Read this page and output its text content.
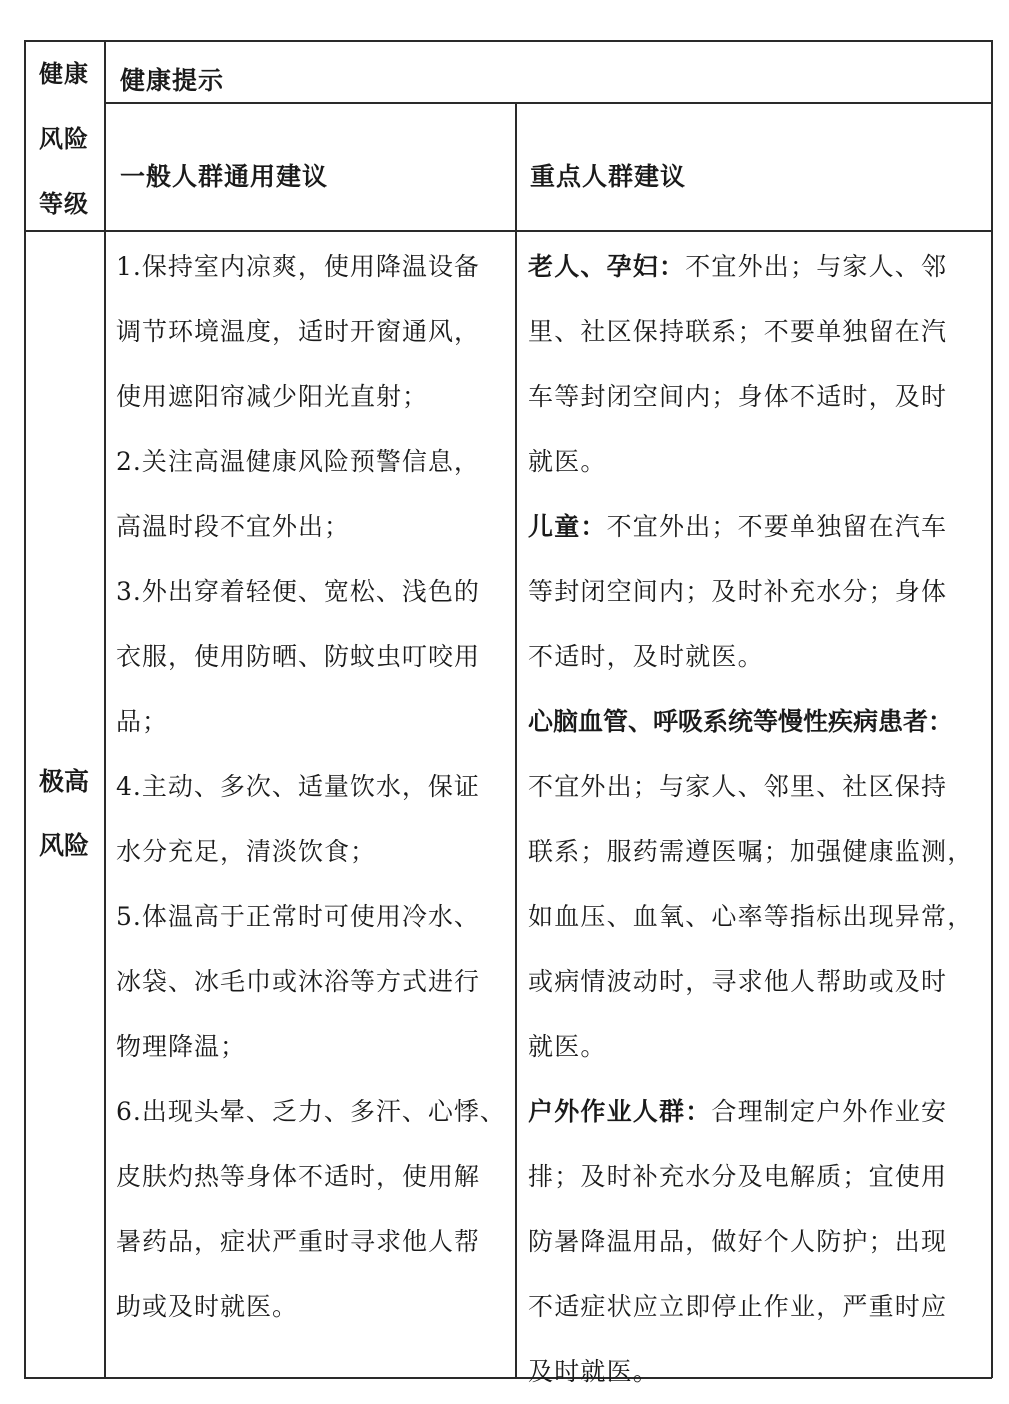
健康
风险
等级
健康提示
一般人群通用建议	重点人群建议
极高
风险
1.保持室内凉爽，使用降温设备
调节环境温度，适时开窗通风，
使用遮阳帘减少阳光直射；
2.关注高温健康风险预警信息，
高温时段不宜外出；
3.外出穿着轻便、宽松、浅色的
衣服，使用防晒、防蚊虫叮咬用
品；
4.主动、多次、适量饮水，保证
水分充足，清淡饮食；
5.体温高于正常时可使用冷水、
冰袋、冰毛巾或沐浴等方式进行
物理降温；
6.出现头晕、乏力、多汗、心悸、
皮肤灼热等身体不适时，使用解
暑药品，症状严重时寻求他人帮
助或及时就医。
老人、孕妇：不宜外出；与家人、邻
里、社区保持联系；不要单独留在汽
车等封闭空间内；身体不适时，及时
就医。
儿童：不宜外出；不要单独留在汽车
等封闭空间内；及时补充水分；身体
不适时，及时就医。
心脑血管、呼吸系统等慢性疾病患者：
不宜外出；与家人、邻里、社区保持
联系；服药需遵医嘱；加强健康监测，
如血压、血氧、心率等指标出现异常，
或病情波动时，寻求他人帮助或及时
就医。
户外作业人群：合理制定户外作业安
排；及时补充水分及电解质；宜使用
防暑降温用品，做好个人防护；出现
不适症状应立即停止作业，严重时应
及时就医。
